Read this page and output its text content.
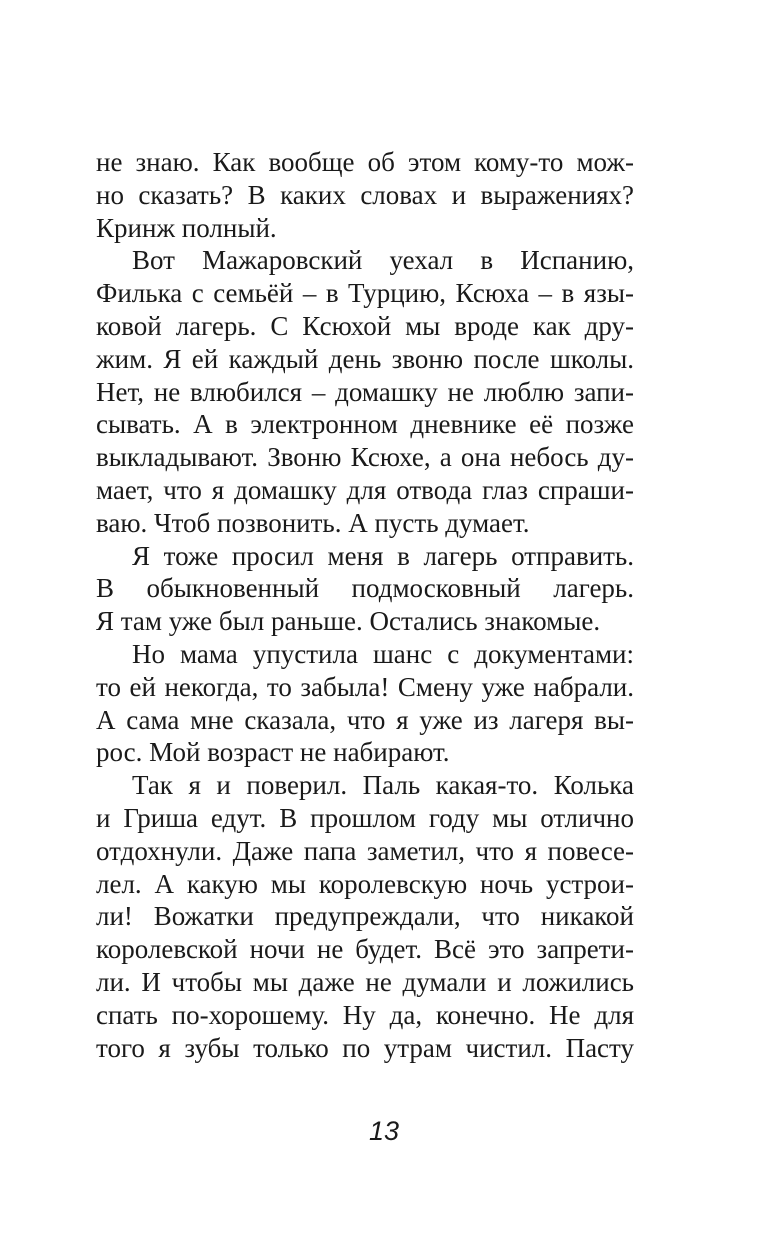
не знаю. Как вообще об этом кому-то мож-
но сказать? В каких словах и выражениях?
Кринж полный.
Вот Мажаровский уехал в Испанию,
Филька с семьёй – в Турцию, Ксюха – в язы-
ковой лагерь. С Ксюхой мы вроде как дру-
жим. Я ей каждый день звоню после школы.
Нет, не влюбился – домашку не люблю запи-
сывать. А в электронном дневнике её позже
выкладывают. Звоню Ксюхе, а она небось ду-
мает, что я домашку для отвода глаз спраши-
ваю. Чтоб позвонить. А пусть думает.
Я тоже просил меня в лагерь отправить.
В обыкновенный подмосковный лагерь.
Я там уже был раньше. Остались знакомые.
Но мама упустила шанс с документами:
то ей некогда, то забыла! Смену уже набрали.
А сама мне сказала, что я уже из лагеря вы-
рос. Мой возраст не набирают.
Так я и поверил. Паль какая-то. Колька
и Гриша едут. В прошлом году мы отлично
отдохнули. Даже папа заметил, что я повесе-
лел. А какую мы королевскую ночь устрои-
ли! Вожатки предупреждали, что никакой
королевской ночи не будет. Всё это запрети-
ли. И чтобы мы даже не думали и ложились
спать по-хорошему. Ну да, конечно. Не для
того я зубы только по утрам чистил. Пасту
13
